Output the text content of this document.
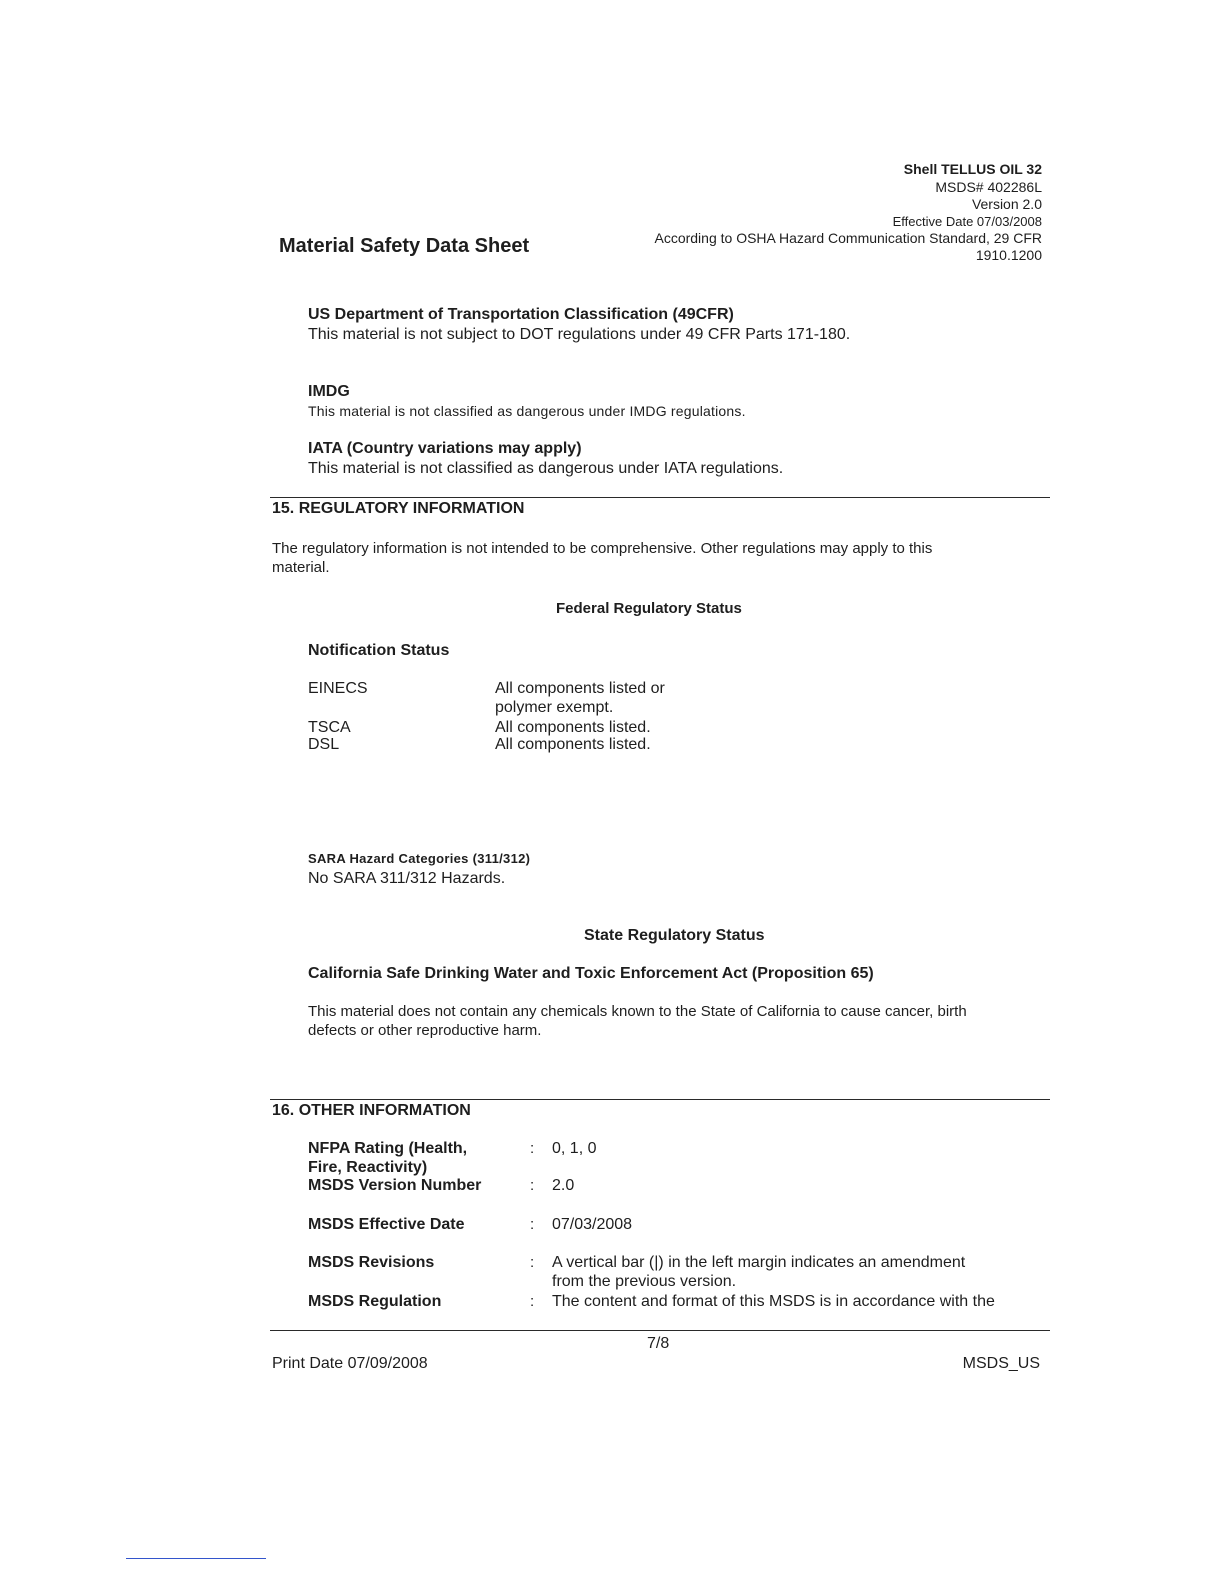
Shell TELLUS OIL 32
MSDS# 402286L
Version 2.0
Effective Date 07/03/2008
According to OSHA Hazard Communication Standard, 29 CFR
1910.1200
Material Safety Data Sheet
US Department of Transportation Classification (49CFR)
This material is not subject to DOT regulations under 49 CFR Parts 171-180.
IMDG
This material is not classified as dangerous under IMDG regulations.
IATA (Country variations may apply)
This material is not classified as dangerous under IATA regulations.
15. REGULATORY INFORMATION
The regulatory information is not intended to be comprehensive. Other regulations may apply to this
material.
Federal Regulatory Status
Notification Status
EINECS	All components listed or
polymer exempt.
TSCA	All components listed.
DSL	All components listed.
SARA Hazard Categories (311/312)
No SARA 311/312 Hazards.
State Regulatory Status
California Safe Drinking Water and Toxic Enforcement Act (Proposition 65)
This material does not contain any chemicals known to the State of California to cause cancer, birth
defects or other reproductive harm.
16. OTHER INFORMATION
NFPA Rating (Health,
Fire, Reactivity)
: 0, 1, 0
MSDS Version Number	: 2.0
MSDS Effective Date	: 07/03/2008
MSDS Revisions	: A vertical bar (|) in the left margin indicates an amendment
from the previous version.
MSDS Regulation	: The content and format of this MSDS is in accordance with the
7/8
Print Date 07/09/2008	MSDS_US
